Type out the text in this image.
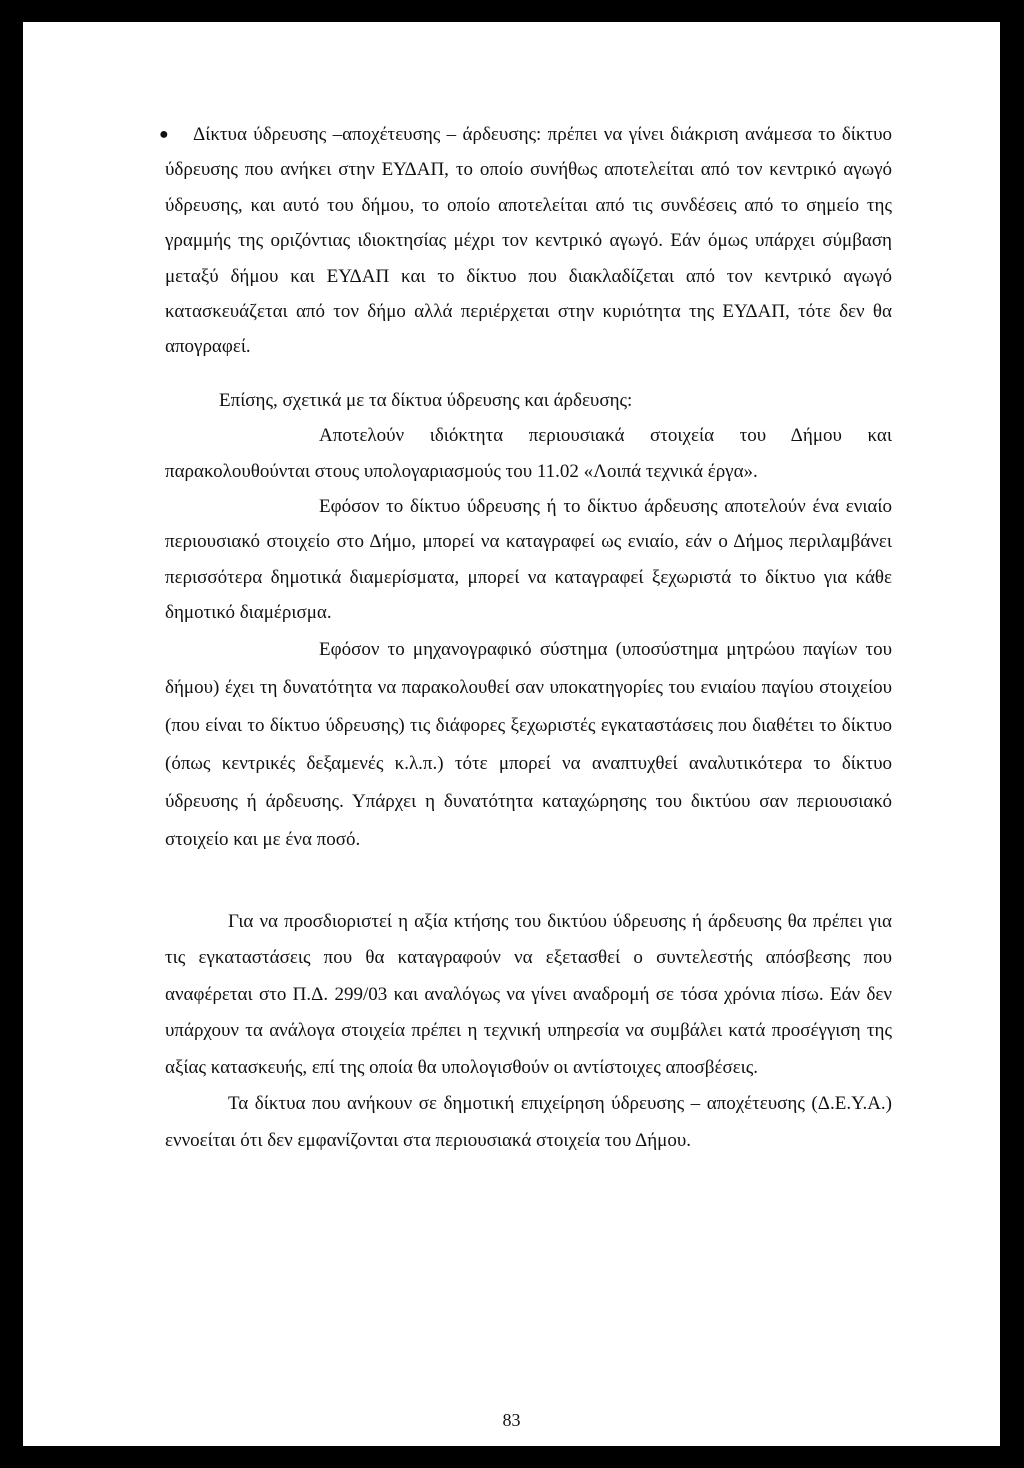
● Δίκτυα ύδρευσης –αποχέτευσης – άρδευσης: πρέπει να γίνει διάκριση ανάμεσα το δίκτυο ύδρευσης που ανήκει στην ΕΥΔΑΠ, το οποίο συνήθως αποτελείται από τον κεντρικό αγωγό ύδρευσης, και αυτό του δήμου, το οποίο αποτελείται από τις συνδέσεις από το σημείο της γραμμής της οριζόντιας ιδιοκτησίας μέχρι τον κεντρικό αγωγό. Εάν όμως υπάρχει σύμβαση μεταξύ δήμου και ΕΥΔΑΠ και το δίκτυο που διακλαδίζεται από τον κεντρικό αγωγό κατασκευάζεται από τον δήμο αλλά περιέρχεται στην κυριότητα της ΕΥΔΑΠ, τότε δεν θα απογραφεί.

Επίσης, σχετικά με τα δίκτυα ύδρευσης και άρδευσης:

Αποτελούν ιδιόκτητα περιουσιακά στοιχεία του Δήμου και παρακολουθούνται στους υπολογαριασμούς του 11.02 «Λοιπά τεχνικά έργα».

Εφόσον το δίκτυο ύδρευσης ή το δίκτυο άρδευσης αποτελούν ένα ενιαίο περιουσιακό στοιχείο στο Δήμο, μπορεί να καταγραφεί ως ενιαίο, εάν ο Δήμος περιλαμβάνει περισσότερα δημοτικά διαμερίσματα, μπορεί να καταγραφεί ξεχωριστά το δίκτυο για κάθε δημοτικό διαμέρισμα.

Εφόσον το μηχανογραφικό σύστημα (υποσύστημα μητρώου παγίων του δήμου) έχει τη δυνατότητα να παρακολουθεί σαν υποκατηγορίες του ενιαίου παγίου στοιχείου (που είναι το δίκτυο ύδρευσης) τις διάφορες ξεχωριστές εγκαταστάσεις που διαθέτει το δίκτυο (όπως κεντρικές δεξαμενές κ.λ.π.) τότε μπορεί να αναπτυχθεί αναλυτικότερα το δίκτυο ύδρευσης ή άρδευσης. Υπάρχει η δυνατότητα καταχώρησης του δικτύου σαν περιουσιακό στοιχείο και με ένα ποσό.

Για να προσδιοριστεί η αξία κτήσης του δικτύου ύδρευσης ή άρδευσης θα πρέπει για τις εγκαταστάσεις που θα καταγραφούν να εξετασθεί ο συντελεστής απόσβεσης που αναφέρεται στο Π.Δ. 299/03 και αναλόγως να γίνει αναδρομή σε τόσα χρόνια πίσω. Εάν δεν υπάρχουν τα ανάλογα στοιχεία πρέπει η τεχνική υπηρεσία να συμβάλει κατά προσέγγιση της αξίας κατασκευής, επί της οποία θα υπολογισθούν οι αντίστοιχες αποσβέσεις.

Τα δίκτυα που ανήκουν σε δημοτική επιχείρηση ύδρευσης – αποχέτευσης (Δ.Ε.Υ.Α.) εννοείται ότι δεν εμφανίζονται στα περιουσιακά στοιχεία του Δήμου.

83
